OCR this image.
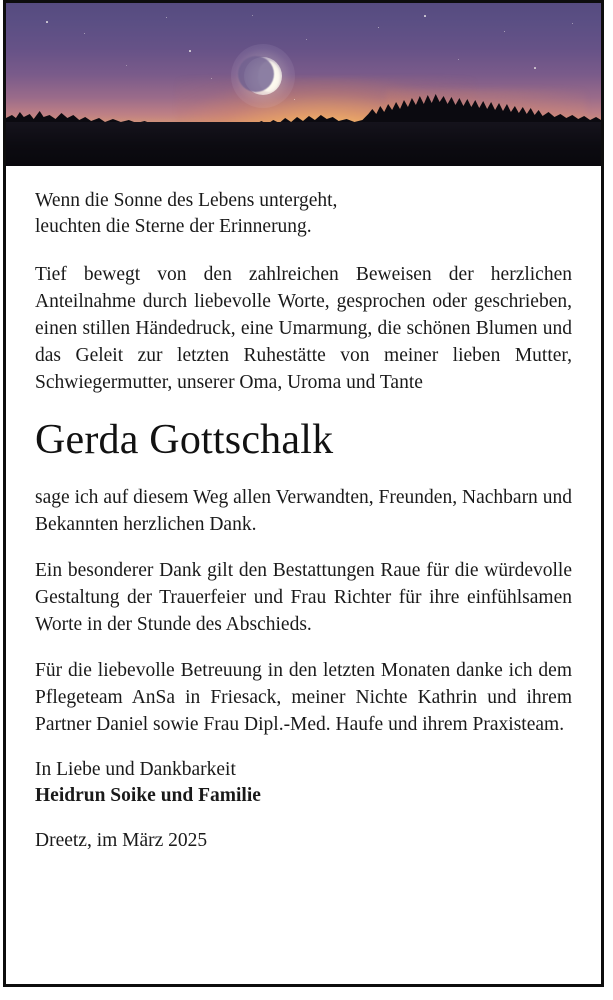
Wenn die Sonne des Lebens untergeht,
leuchten die Sterne der Erinnerung.

Tief bewegt von den zahlreichen Beweisen der herzlichen Anteilnahme durch liebevolle Worte, gesprochen oder geschrieben, einen stillen Händedruck, eine Umarmung, die schönen Blumen und das Geleit zur letzten Ruhestätte von meiner lieben Mutter, Schwiegermutter, unserer Oma, Uroma und Tante

Gerda Gottschalk

sage ich auf diesem Weg allen Verwandten, Freunden, Nachbarn und Bekannten herzlichen Dank.

Ein besonderer Dank gilt den Bestattungen Raue für die würdevolle Gestaltung der Trauerfeier und Frau Richter für ihre einfühlsamen Worte in der Stunde des Abschieds.

Für die liebevolle Betreuung in den letzten Monaten danke ich dem Pflegeteam AnSa in Friesack, meiner Nichte Kathrin und ihrem Partner Daniel sowie Frau Dipl.-Med. Haufe und ihrem Praxisteam.

In Liebe und Dankbarkeit
Heidrun Soike und Familie

Dreetz, im März 2025
